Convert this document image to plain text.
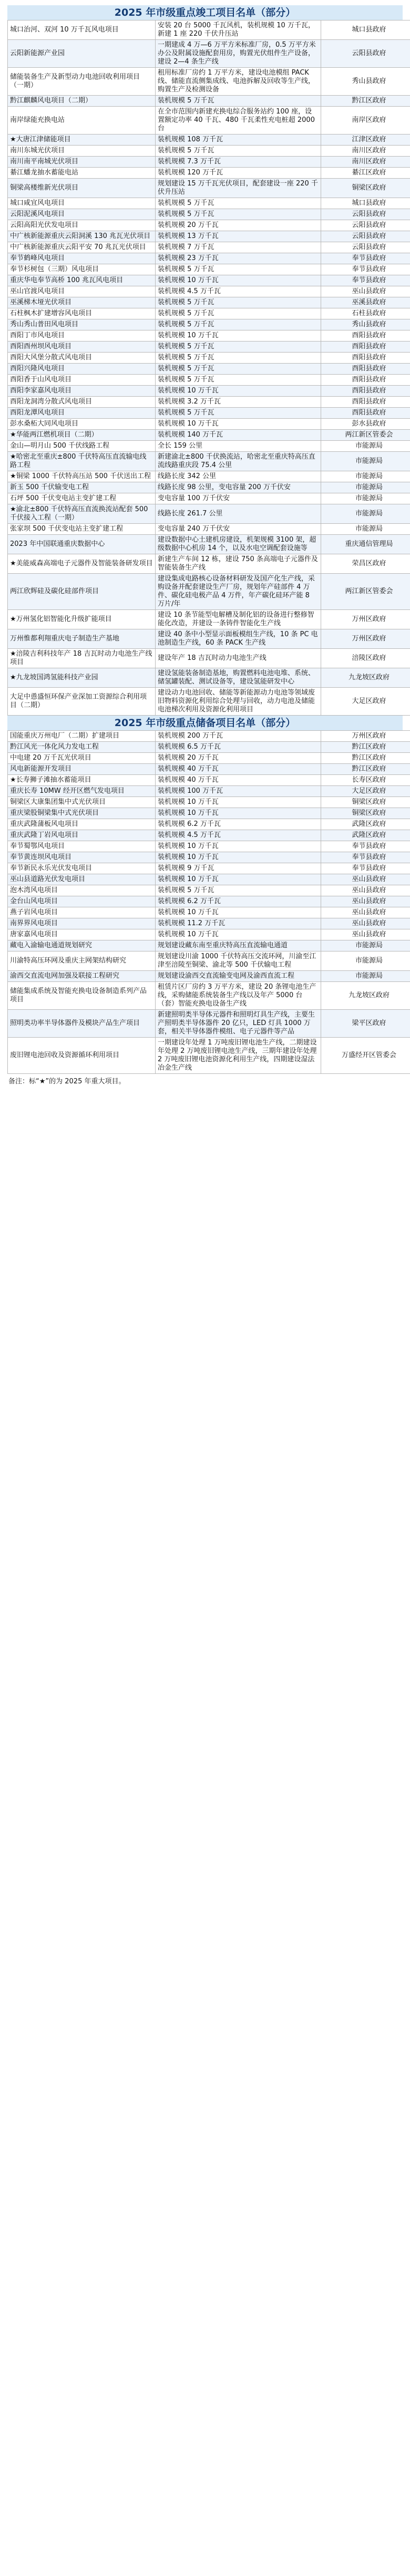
2025 年市级重点竣工项目名单（部分）
城口治河、双河 10 万千瓦风电项目	安装 20 台 5000 千瓦风机，装机规模 10 万千瓦，新建 1 座 220 千伏升压站	城口县政府
云阳新能源产业园	一期建成 4 万—6 万平方米标准厂房，0.5 万平方米办公及附属设施配套用房，购置光伏组件生产设备，建设 2—4 条生产线	云阳县政府
储能装备生产及新型动力电池回收利用项目（一期）	租用标准厂房约 1 万平方米，建设电池模组 PACK 线、储能直流侧集成线、电池拆解及回收等生产线，购置生产及检测设备	秀山县政府
黔江麒麟风电项目（二期）	装机规模 5 万千瓦	黔江区政府
南岸绿能充换电站	在全市范围内新建充换电综合服务站约 100 座，设置额定功率 40 千瓦、480 千瓦柔性充电桩超 2000 台	南岸区政府
★大唐江津储能项目	装机规模 108 万千瓦	江津区政府
南川东城光伏项目	装机规模 5 万千瓦	南川区政府
南川南平南城光伏项目	装机规模 7.3 万千瓦	南川区政府
綦江蟠龙抽水蓄能电站	装机规模 120 万千瓦	綦江区政府
铜梁高楼维新光伏项目	规划建设 15 万千瓦光伏项目，配套建设一座 220 千伏升压站	铜梁区政府
城口咸宜风电项目	装机规模 5 万千瓦	城口县政府
云阳泥溪风电项目	装机规模 5 万千瓦	云阳县政府
云阳高阳光伏发电项目	装机规模 20 万千瓦	云阳县政府
中广核新能源重庆云阳洞溪 130 兆瓦光伏项目	装机规模 13 万千瓦	云阳县政府
中广核新能源重庆云阳平安 70 兆瓦光伏项目	装机规模 7 万千瓦	云阳县政府
奉节鹤峰风电项目	装机规模 23 万千瓦	奉节县政府
奉节杉树包（三期）风电项目	装机规模 5 万千瓦	奉节县政府
重庆华电奉节高桥 100 兆瓦风电项目	装机规模 10 万千瓦	奉节县政府
巫山官渡风电项目	装机规模 4.5 万千瓦	巫山县政府
巫溪梯木垭光伏项目	装机规模 5 万千瓦	巫溪县政府
石柱枫木扩建增容风电项目	装机规模 5 万千瓦	石柱县政府
秀山秀山普田风电项目	装机规模 5 万千瓦	秀山县政府
酉阳丁市风电项目	装机规模 10 万千瓦	酉阳县政府
酉阳酉州坝风电项目	装机规模 5 万千瓦	酉阳县政府
酉阳大风堡分散式风电项目	装机规模 5 万千瓦	酉阳县政府
酉阳兴隆风电项目	装机规模 5 万千瓦	酉阳县政府
酉阳香于山风电项目	装机规模 5 万千瓦	酉阳县政府
酉阳李家嘉风电项目	装机规模 10 万千瓦	酉阳县政府
酉阳龙洞湾分散式风电项目	装机规模 3.2 万千瓦	酉阳县政府
酉阳龙潭风电项目	装机规模 5 万千瓦	酉阳县政府
彭水桑柘大同风电项目	装机规模 10 万千瓦	彭水县政府
★华能两江燃机项目（二期）	装机规模 140 万千瓦	两江新区管委会
金山—明月山 500 千伏线路工程	全长 159 公里	市能源局
★哈密北至重庆±800 千伏特高压直流输电线路工程	新建渝北±800 千伏换流站，哈密北至重庆特高压直流线路重庆段 75.4 公里	市能源局
★铜梁 1000 千伏特高压站 500 千伏送出工程	线路长度 342 公里	市能源局
新玉 500 千伏输变电工程	线路长度 98 公里，变电容量 200 万千伏安	市能源局
石坪 500 千伏变电站主变扩建工程	变电容量 100 万千伏安	市能源局
★渝北±800 千伏特高压直流换流站配套 500 千伏接入工程（一期）	线路长度 261.7 公里	市能源局
张家坝 500 千伏变电站主变扩建工程	变电容量 240 万千伏安	市能源局
2023 年中国联通重庆数据中心	建设数据中心土建机房建设，机架规模 3100 架，超级数据中心机房 14 个，以及水电空调配套设施等	重庆通信管理局
★美能威森高端电子元器件及智能装备研发项目	新建生产车间 12 栋，建设 750 条高端电子元器件及智能装备生产线	荣昌区政府
两江欣辉硅及碳化硅部件项目	建设集成电路核心设备材料研发及国产化生产线，采购设备并配套建设生产厂房，规划年产硅部件 4 万件、碳化硅电极产品 4 万件，年产碳化硅环产能 8 万片/年	两江新区管委会
★万州氢化铝智能化升级扩能项目	建设 10 条节能型电解槽及制化铝的设备进行整修智能化改造，并建设一条铸件智能化生产线	万州区政府
万州惟都利翔重庆电子制造生产基地	建设 40 条中小型显示面板模组生产线，10 条 PC 电池制造生产线，60 条 PACK 生产线	万州区政府
★涪陵吉利科技年产 18 吉瓦时动力电池生产线项目	建设年产 18 吉瓦时动力电池生产线	涪陵区政府
★九龙坡国鸿氢能科技产业园	建设氢能装备制造基地，购置燃料电池电堆、系统、储氢罐装配、测试设备等，建设氢能研发中心	九龙坡区政府
大足中恿盛恒环保产业深加工资源综合利用项目（二期）	建设动力电池回收、储能等新能源动力电池等领域废旧物料资源化利用综合处理与回收，动力电池及储能电池梯次利用及资源化利用项目	大足区政府
2025 年市级重点储备项目名单（部分）
国能重庆万州电厂（二期）扩建项目	装机规模 200 万千瓦	万州区政府
黔江风光一体化风力发电工程	装机规模 6.5 万千瓦	黔江区政府
中电建 20 万千瓦光伏项目	装机规模 20 万千瓦	黔江区政府
风电新能源开发项目	装机规模 40 万千瓦	黔江区政府
★长寿狮子滩抽水蓄能项目	装机规模 40 万千瓦	长寿区政府
重庆长寿 10MW 经开区燃气发电项目	装机规模 100 万千瓦	大足区政府
铜梁区大康集团集中式光伏项目	装机规模 10 万千瓦	铜梁区政府
重庆梁股铜梁集中式光伏项目	装机规模 10 万千瓦	铜梁区政府
重庆武隆蒲板风电项目	装机规模 6.2 万千瓦	武隆区政府
重庆武隆丁岩风电项目	装机规模 4.5 万千瓦	武隆区政府
奉节蜀鄂风电项目	装机规模 10 万千瓦	奉节县政府
奉节黄连坝风电项目	装机规模 10 万千瓦	奉节县政府
奉节新民永乐光伏发电项目	装机规模 9 万千瓦	奉节县政府
巫山县道路光伏发电项目	装机规模 10 万千瓦	巫山县政府
泡木湾风电项目	装机规模 5 万千瓦	巫山县政府
金台山风电项目	装机规模 6.2 万千瓦	巫山县政府
燕子岩风电项目	装机规模 10 万千瓦	巫山县政府
南界界风电项目	装机规模 11.2 万千瓦	巫山县政府
唐家嘉风电项目	装机规模 10 万千瓦	巫山县政府
藏电入渝输电通道规划研究	规划建设藏东南至重庆特高压直流输电通道	市能源局
川渝特高压环网及重庆主网架结构研究	规划建设川渝 1000 千伏特高压交流环网，川渝至江津至涪陵至铜梁、渝北等 500 千伏输电工程	市能源局
渝西交直流电网加强及联接工程研究	规划建设渝西交直流输变电网及渝西直流工程	市能源局
储能集成系统及智能充换电设备制造系列产品项目	租赁片区厂房约 3 万平方米，建设 20 条锂电池生产线，采购储能系统装备生产线以及年产 5000 台（套）智能充换电设备生产线	九龙坡区政府
照明类功率半导体器件及模块产品生产项目	新建照明类半导体元器件和照明灯具生产线，主要生产照明类半导体器件 20 亿只，LED 灯具 1000 万套，相关半导体器件模组、电子元器件等产品	梁平区政府
废旧锂电池回收及资源循环利用项目	一期建设年处理 1 万吨废旧锂电池生产线，二期建设年处理 2 万吨废旧锂电池生产线，三期年建设年处理 2 万吨废旧锂电池资源化利用生产线，四期建设湿法冶金生产线	万盛经开区管委会
备注：标“★”的为 2025 年重大项目。
